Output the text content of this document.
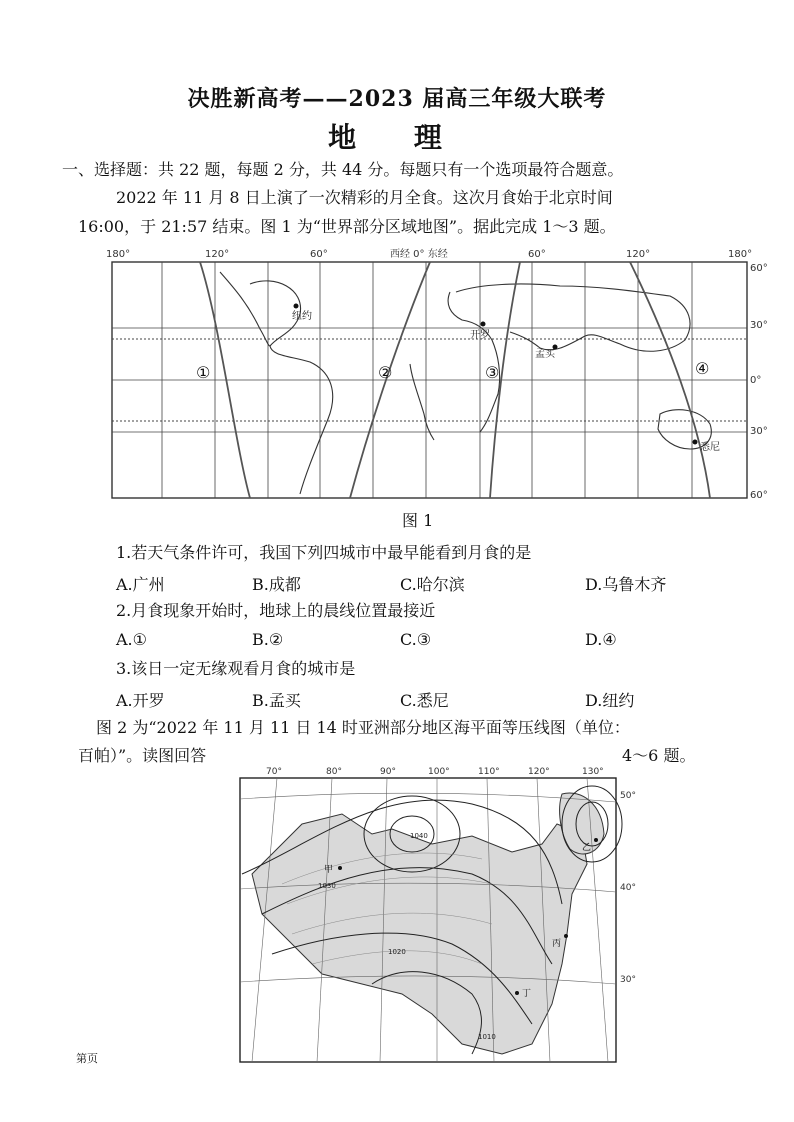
决胜新高考——2023 届高三年级大联考
地 理
一、选择题：共 22 题，每题 2 分，共 44 分。每题只有一个选项最符合题意。
2022 年 11 月 8 日上演了一次精彩的月全食。这次月食始于北京时间
16:00，于 21:57 结束。图 1 为“世界部分区域地图”。据此完成 1～3 题。
180°	120°	60°	西经 0° 东经	60°	120°	180°
60°
30°
0°
30°
60°
纽约
开罗
孟买
悉尼
①	②	③	④
图 1
1.若天气条件许可，我国下列四城市中最早能看到月食的是
A.广州	B.成都	C.哈尔滨	D.乌鲁木齐
2.月食现象开始时，地球上的晨线位置最接近
A.①	B.②	C.③	D.④
3.该日一定无缘观看月食的城市是
A.开罗	B.孟买	C.悉尼	D.纽约
图 2 为“2022 年 11 月 11 日 14 时亚洲部分地区海平面等压线图（单位：
百帕）”。读图回答	4～6 题。
70°	80°	90°	100°	110°	120°	130°
50°
40°
30°
1030
1020
1040
1010
甲
乙
丙
丁
第页
